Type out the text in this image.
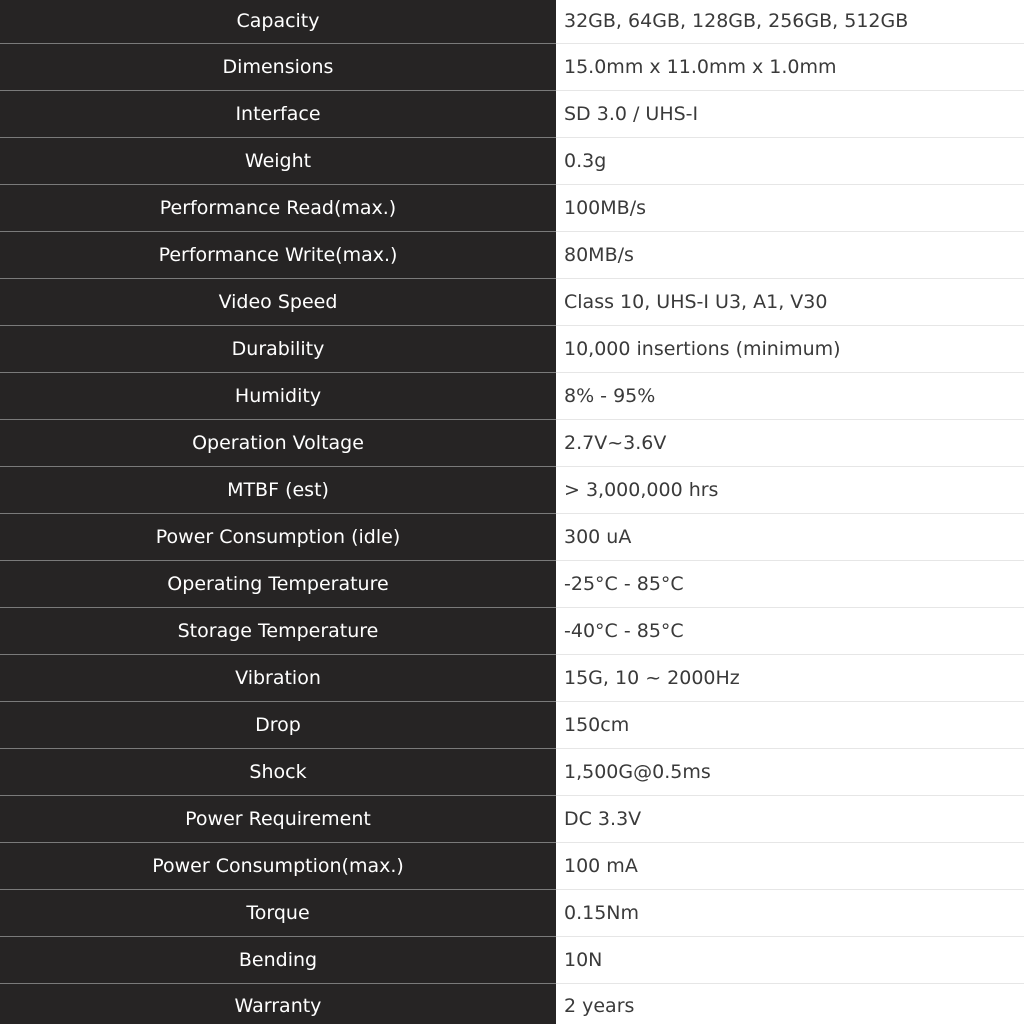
Capacity	32GB, 64GB, 128GB, 256GB, 512GB
Dimensions	15.0mm x 11.0mm x 1.0mm
Interface	SD 3.0 / UHS-I
Weight	0.3g
Performance Read(max.)	100MB/s
Performance Write(max.)	80MB/s
Video Speed	Class 10, UHS-I U3, A1, V30
Durability	10,000 insertions (minimum)
Humidity	8% - 95%
Operation Voltage	2.7V~3.6V
MTBF (est)	> 3,000,000 hrs
Power Consumption (idle)	300 uA
Operating Temperature	-25°C - 85°C
Storage Temperature	-40°C - 85°C
Vibration	15G, 10 ~ 2000Hz
Drop	150cm
Shock	1,500G@0.5ms
Power Requirement	DC 3.3V
Power Consumption(max.)	100 mA
Torque	0.15Nm
Bending	10N
Warranty	2 years
